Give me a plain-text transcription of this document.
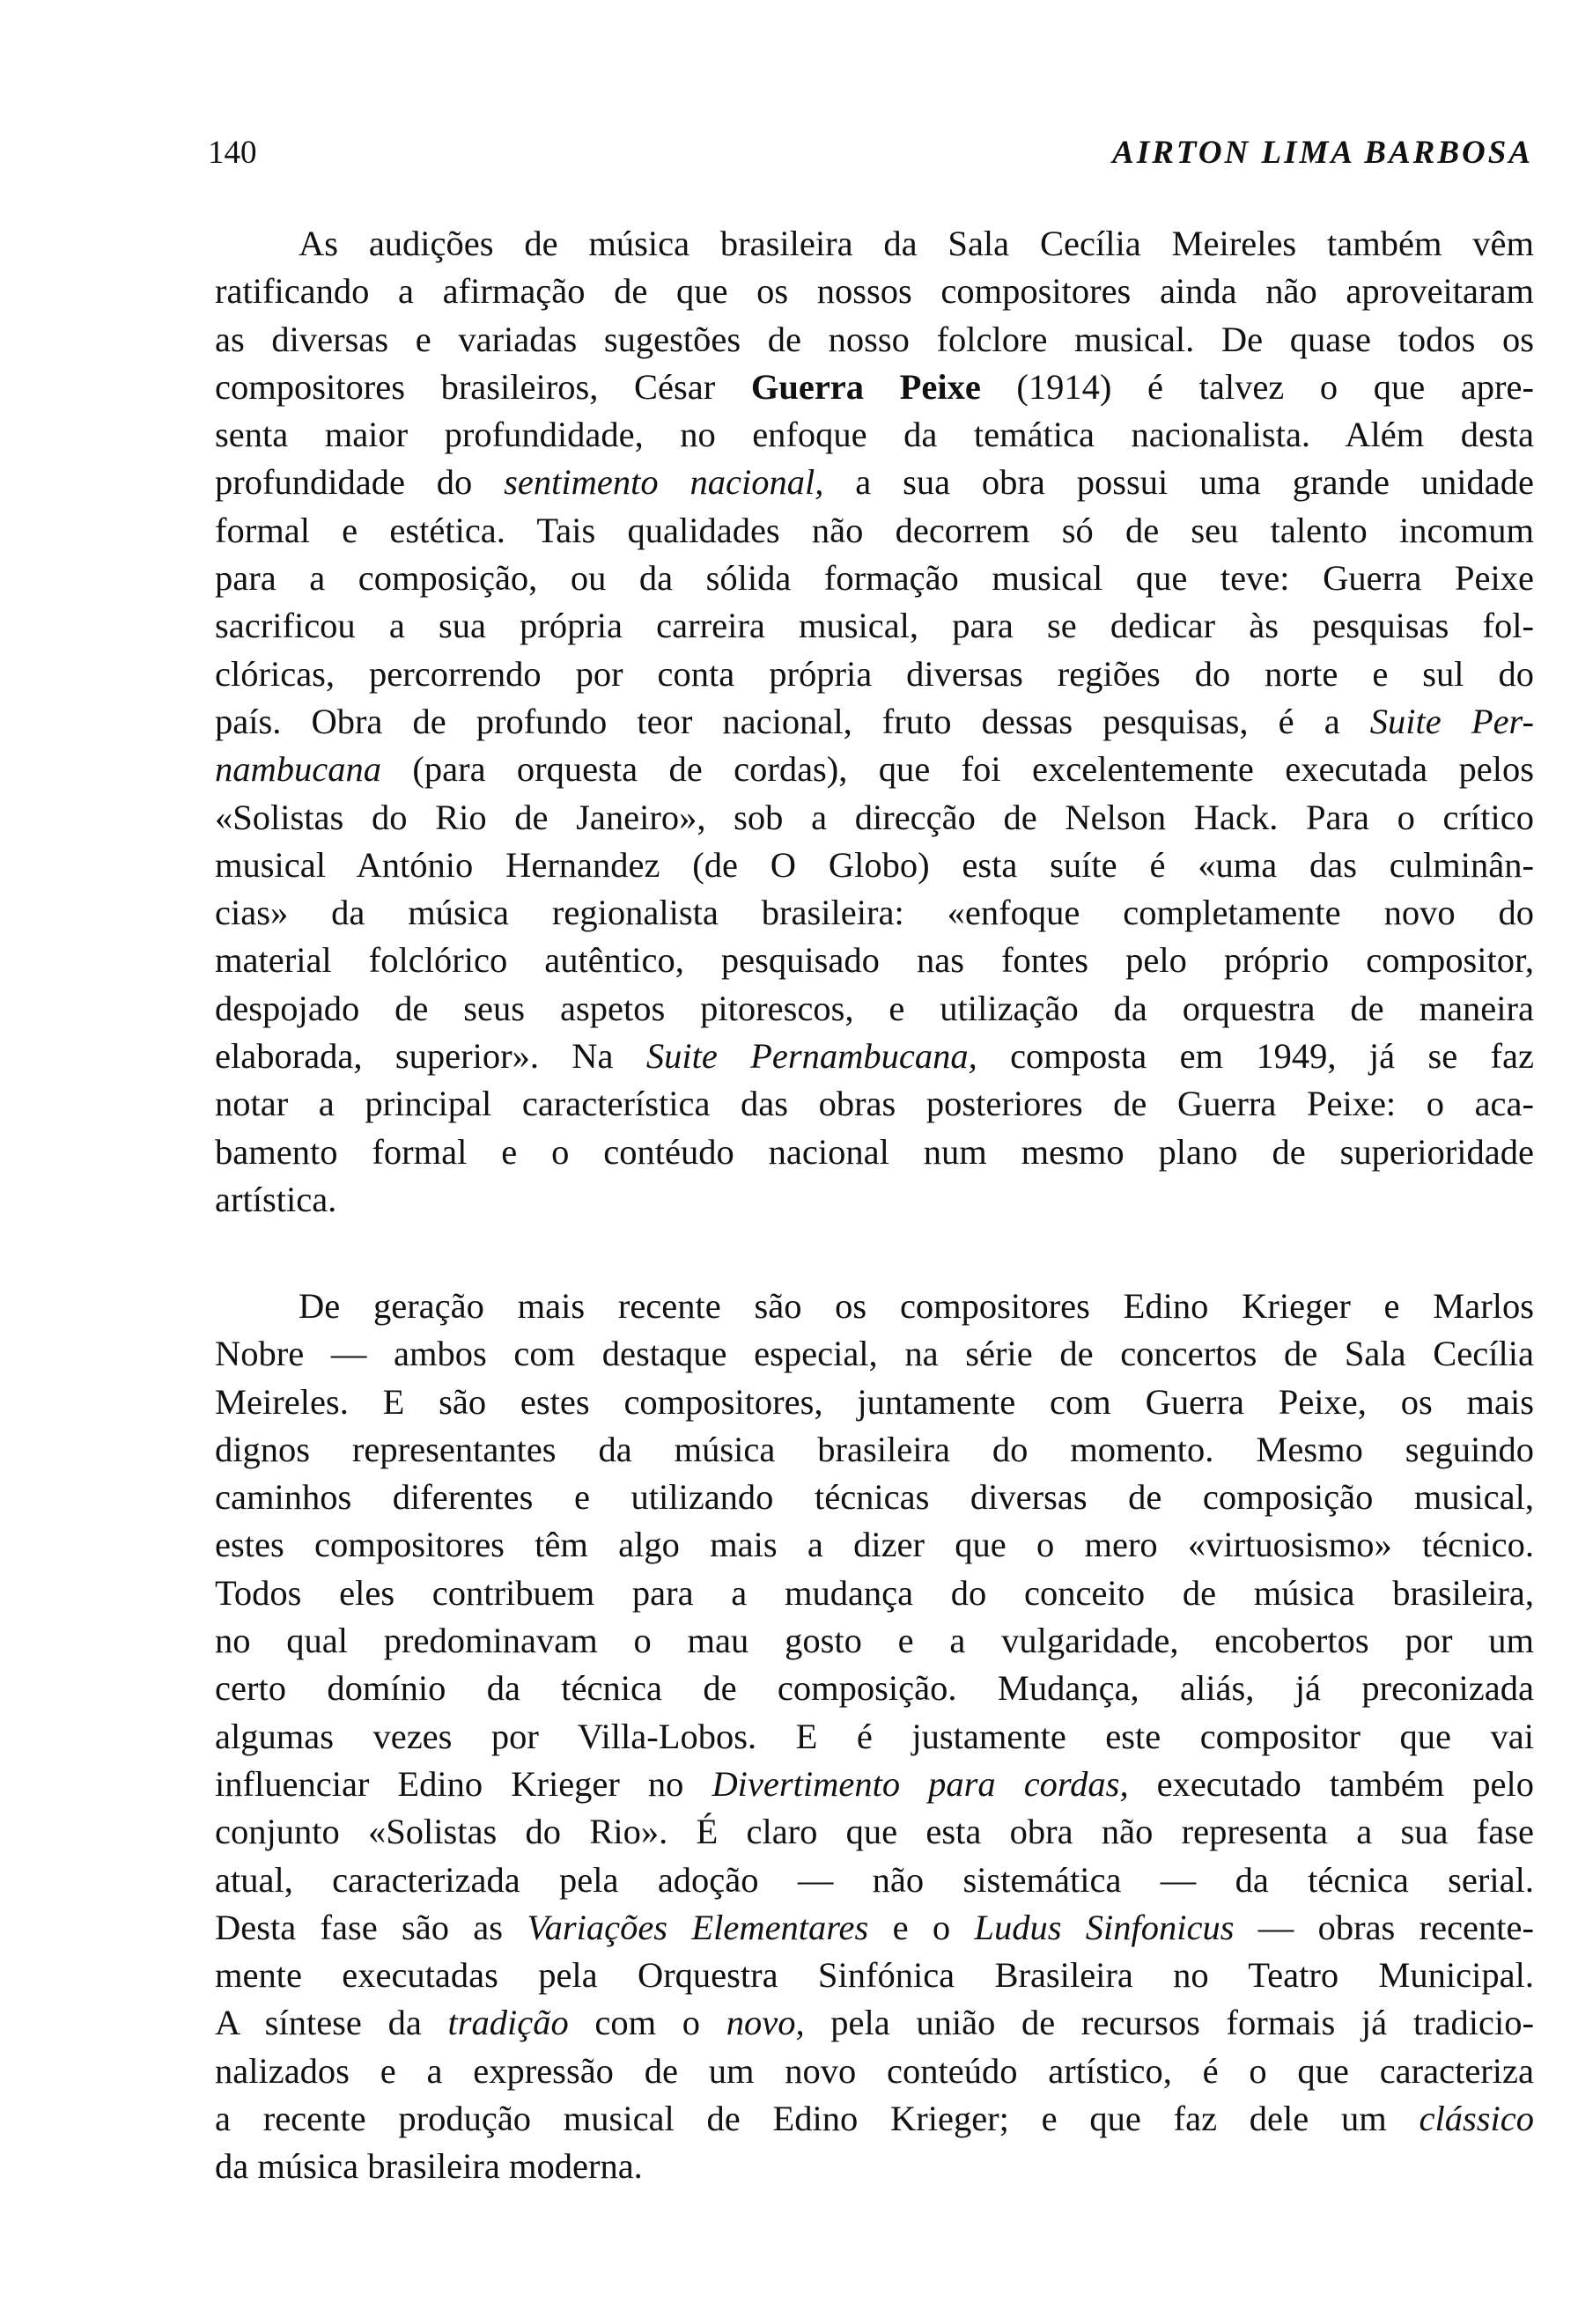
140	AIRTON LIMA BARBOSA
As audições de música brasileira da Sala Cecília Meireles também vêm
ratificando a afirmação de que os nossos compositores ainda não aproveitaram
as diversas e variadas sugestões de nosso folclore musical. De quase todos os
compositores brasileiros, César Guerra Peixe (1914) é talvez o que apre-
senta maior profundidade, no enfoque da temática nacionalista. Além desta
profundidade do sentimento nacional, a sua obra possui uma grande unidade
formal e estética. Tais qualidades não decorrem só de seu talento incomum
para a composição, ou da sólida formação musical que teve: Guerra Peixe
sacrificou a sua própria carreira musical, para se dedicar às pesquisas fol-
clóricas, percorrendo por conta própria diversas regiões do norte e sul do
país. Obra de profundo teor nacional, fruto dessas pesquisas, é a Suite Per-
nambucana (para orquesta de cordas), que foi excelentemente executada pelos
«Solistas do Rio de Janeiro», sob a direcção de Nelson Hack. Para o crítico
musical António Hernandez (de O Globo) esta suíte é «uma das culminân-
cias» da música regionalista brasileira: «enfoque completamente novo do
material folclórico autêntico, pesquisado nas fontes pelo próprio compositor,
despojado de seus aspetos pitorescos, e utilização da orquestra de maneira
elaborada, superior». Na Suite Pernambucana, composta em 1949, já se faz
notar a principal característica das obras posteriores de Guerra Peixe: o aca-
bamento formal e o contéudo nacional num mesmo plano de superioridade
artística.
De geração mais recente são os compositores Edino Krieger e Marlos
Nobre — ambos com destaque especial, na série de concertos de Sala Cecília
Meireles. E são estes compositores, juntamente com Guerra Peixe, os mais
dignos representantes da música brasileira do momento. Mesmo seguindo
caminhos diferentes e utilizando técnicas diversas de composição musical,
estes compositores têm algo mais a dizer que o mero «virtuosismo» técnico.
Todos eles contribuem para a mudança do conceito de música brasileira,
no qual predominavam o mau gosto e a vulgaridade, encobertos por um
certo domínio da técnica de composição. Mudança, aliás, já preconizada
algumas vezes por Villa-Lobos. E é justamente este compositor que vai
influenciar Edino Krieger no Divertimento para cordas, executado também pelo
conjunto «Solistas do Rio». É claro que esta obra não representa a sua fase
atual, caracterizada pela adoção — não sistemática — da técnica serial.
Desta fase são as Variações Elementares e o Ludus Sinfonicus — obras recente-
mente executadas pela Orquestra Sinfónica Brasileira no Teatro Municipal.
A síntese da tradição com o novo, pela união de recursos formais já tradicio-
nalizados e a expressão de um novo conteúdo artístico, é o que caracteriza
a recente produção musical de Edino Krieger; e que faz dele um clássico
da música brasileira moderna.
